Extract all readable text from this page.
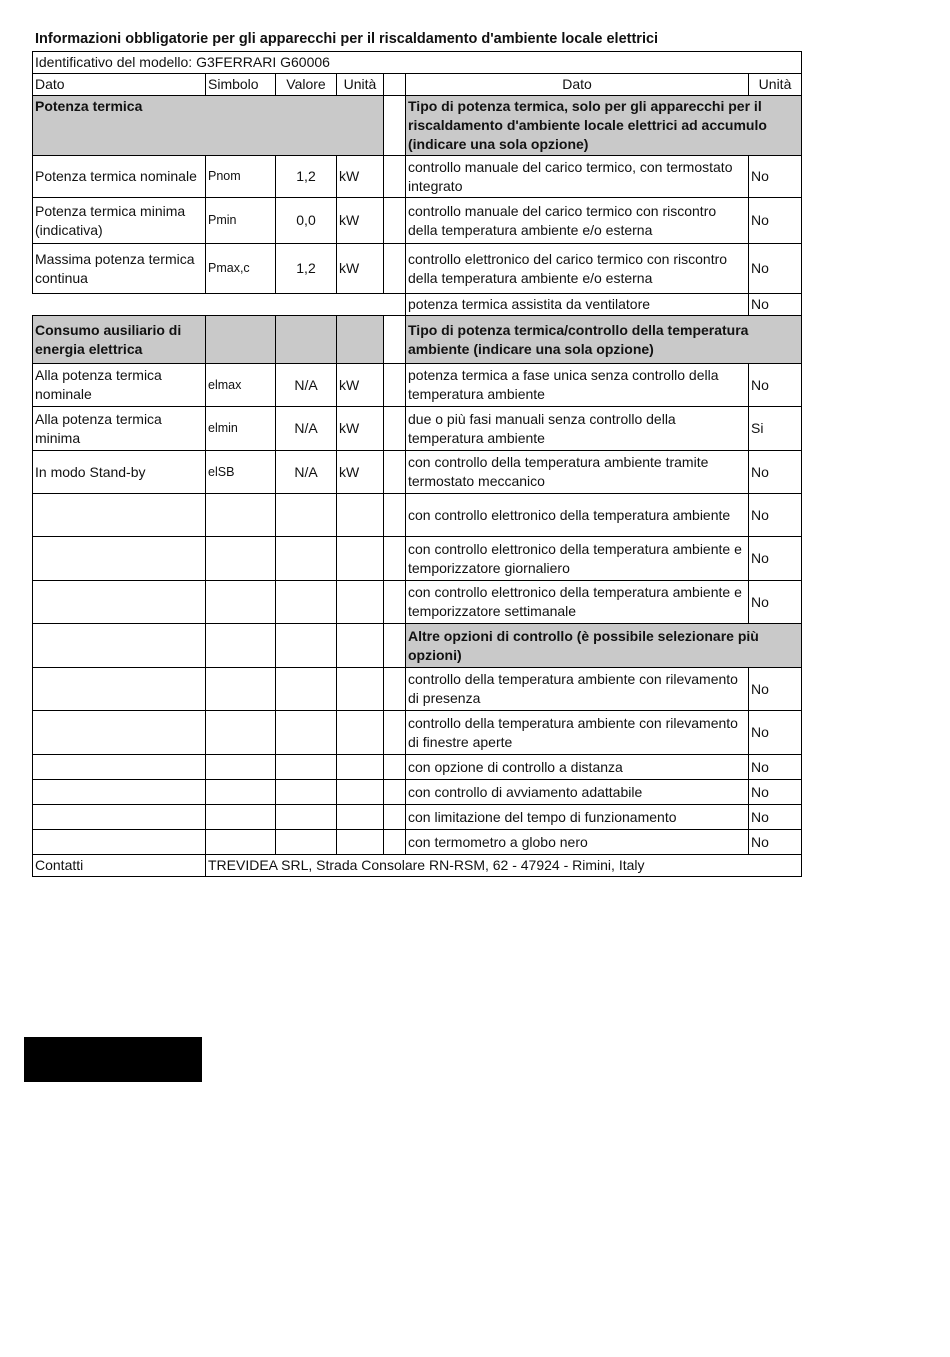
Informazioni obbligatorie per gli apparecchi per il riscaldamento d'ambiente locale elettrici
Identificativo del modello: G3FERRARI G60006						
Dato	Simbolo	Valore	Unità		Dato	Unità
Potenza termica					Tipo di potenza termica, solo per gli apparecchi per il riscaldamento d'ambiente locale elettrici ad accumulo (indicare una sola opzione)	
Potenza termica nominale	Pnom	1,2	kW		controllo manuale del carico termico, con termostato integrato	No
Potenza termica minima (indicativa)	Pmin	0,0	kW		controllo manuale del carico termico con riscontro della temperatura ambiente e/o esterna	No
Massima potenza termica continua	Pmax,c	1,2	kW		controllo elettronico del carico termico con riscontro della temperatura ambiente e/o esterna	No
					potenza termica assistita da ventilatore	No
Consumo ausiliario di energia elettrica					Tipo di potenza termica/controllo della temperatura ambiente (indicare una sola opzione)	
Alla potenza termica nominale	elmax	N/A	kW		potenza termica a fase unica senza controllo della temperatura ambiente	No
Alla potenza termica minima	elmin	N/A	kW		due o più fasi manuali senza controllo della temperatura ambiente	Si
In modo Stand-by	elSB	N/A	kW		con controllo della temperatura ambiente tramite termostato meccanico	No
					con controllo elettronico della temperatura ambiente	No
					con controllo elettronico della temperatura ambiente e temporizzatore giornaliero	No
					con controllo elettronico della temperatura ambiente e temporizzatore settimanale	No
					Altre opzioni di controllo (è possibile selezionare più opzioni)	
					controllo della temperatura ambiente con rilevamento di presenza	No
					controllo della temperatura ambiente con rilevamento di finestre aperte	No
					con opzione di controllo a distanza	No
					con controllo di avviamento adattabile	No
					con limitazione del tempo di funzionamento	No
					con termometro a globo nero	No
Contatti	TREVIDEA SRL, Strada Consolare RN-RSM, 62 - 47924 - Rimini, Italy					
